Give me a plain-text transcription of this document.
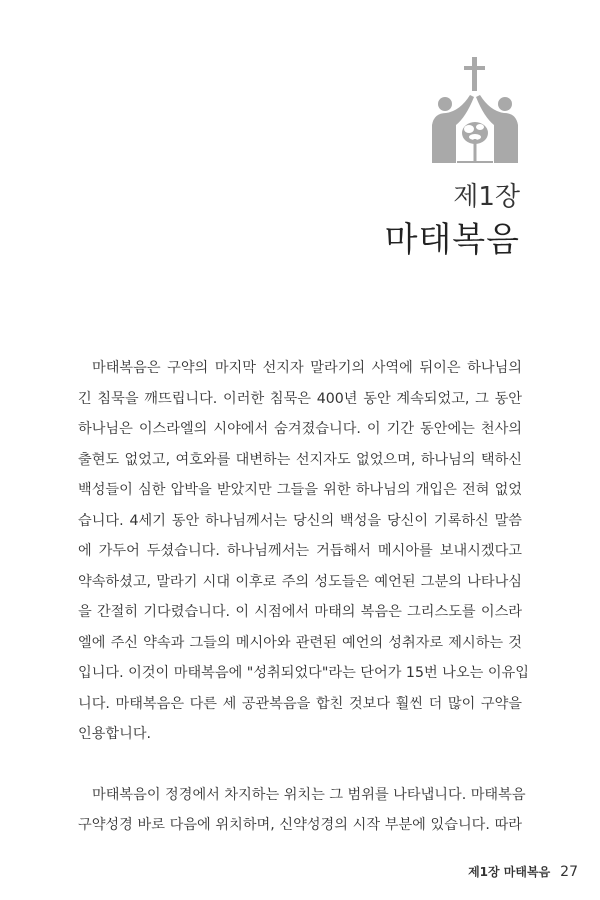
제1장
마태복음
마태복음은 구약의 마지막 선지자 말라기의 사역에 뒤이은 하나님의
긴 침묵을 깨뜨립니다. 이러한 침묵은 400년 동안 계속되었고, 그 동안
하나님은 이스라엘의 시야에서 숨겨졌습니다. 이 기간 동안에는 천사의
출현도 없었고, 여호와를 대변하는 선지자도 없었으며, 하나님의 택하신
백성들이 심한 압박을 받았지만 그들을 위한 하나님의 개입은 전혀 없었
습니다. 4세기 동안 하나님께서는 당신의 백성을 당신이 기록하신 말씀
에 가두어 두셨습니다. 하나님께서는 거듭해서 메시아를 보내시겠다고
약속하셨고, 말라기 시대 이후로 주의 성도들은 예언된 그분의 나타나심
을 간절히 기다렸습니다. 이 시점에서 마태의 복음은 그리스도를 이스라
엘에 주신 약속과 그들의 메시아와 관련된 예언의 성취자로 제시하는 것
입니다. 이것이 마태복음에 "성취되었다"라는 단어가 15번 나오는 이유입
니다. 마태복음은 다른 세 공관복음을 합친 것보다 훨씬 더 많이 구약을
인용합니다.
마태복음이 정경에서 차지하는 위치는 그 범위를 나타냅니다. 마태복음
구약성경 바로 다음에 위치하며, 신약성경의 시작 부분에 있습니다. 따라
제1장 마태복음 27
